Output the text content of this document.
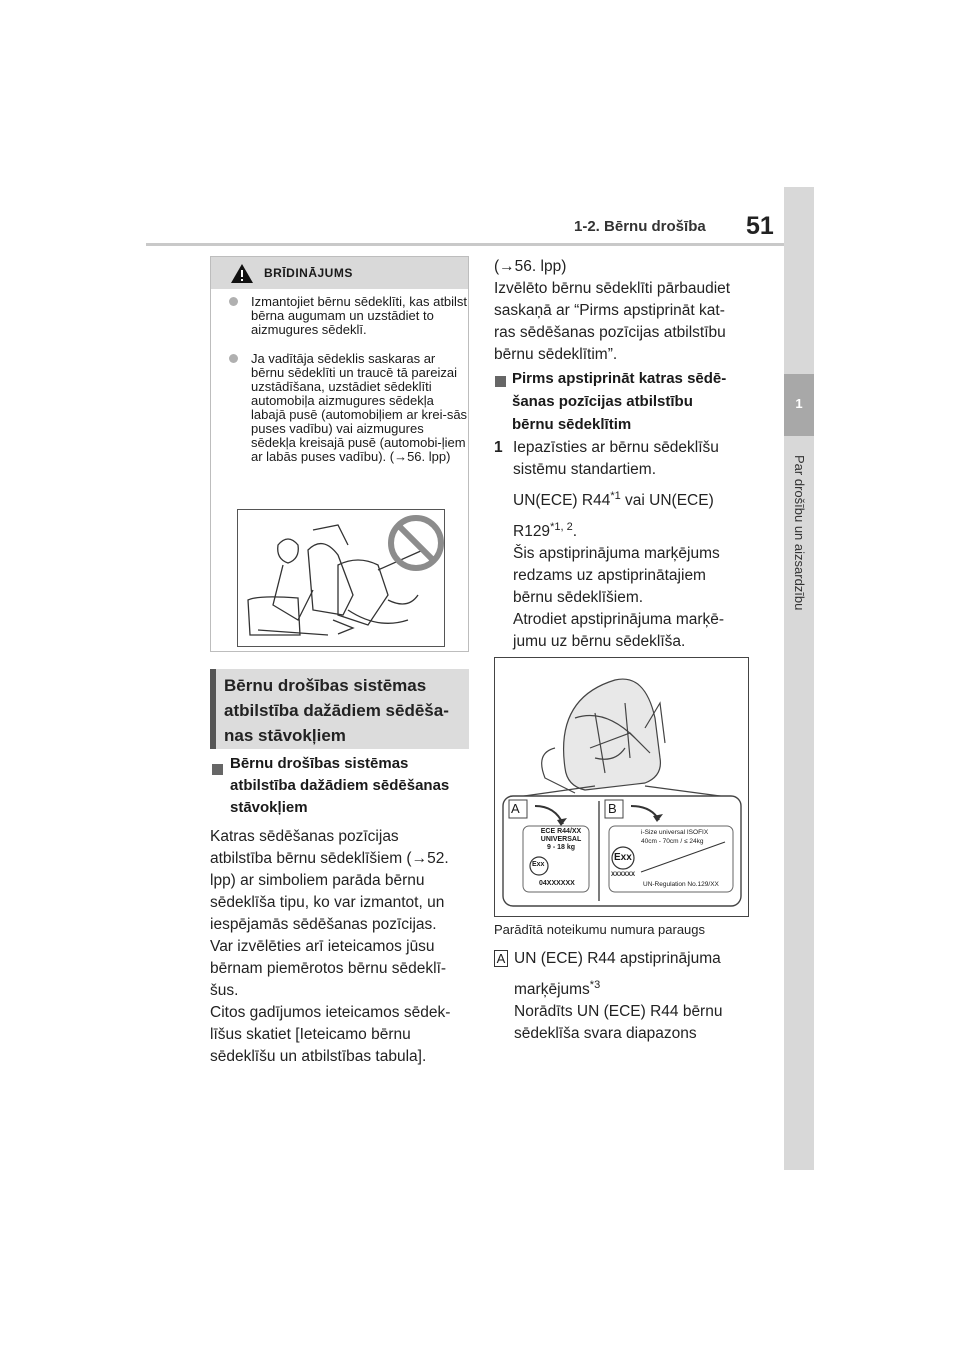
1-2. Bērnu drošība 51
1
Par drošību un aizsardzību
BRĪDINĀJUMS
Izmantojiet bērnu sēdeklīti, kas atbilst bērna augumam un uzstādiet to aizmugures sēdeklī.
Ja vadītāja sēdeklis saskaras ar bērnu sēdeklīti un traucē tā pareizai uzstādīšana, uzstādiet sēdeklīti automobiļa aizmugures sēdekļa labajā pusē (automobiļiem ar krei-sās puses vadību) vai aizmugures sēdekļa kreisajā pusē (automobi-ļiem ar labās puses vadību). (→56. lpp)
Bērnu drošības sistēmas atbilstība dažādiem sēdēša-nas stāvokļiem
Bērnu drošības sistēmas atbilstība dažādiem sēdēšanas stāvokļiem

Katras sēdēšanas pozīcijas

atbilstība bērnu sēdeklīšiem (→52.

lpp) ar simboliem parāda bērnu

sēdeklīša tipu, ko var izmantot, un

iespējamās sēdēšanas pozīcijas.

Var izvēlēties arī ieteicamos jūsu

bērnam piemērotos bērnu sēdeklī-

šus.

Citos gadījumos ieteicamos sēdek-

līšus skatiet [Ieteicamo bērnu

sēdeklīšu un atbilstības tabula].

(→56. lpp)

Izvēlēto bērnu sēdeklīti pārbaudiet

saskaņā ar “Pirms apstiprināt kat-

ras sēdēšanas pozīcijas atbilstību

bērnu sēdeklītim”.

Pirms apstiprināt katras sēdē-
šanas pozīcijas atbilstību
bērnu sēdeklītim
1 Iepazīsties ar bērnu sēdeklīšu

sistēmu standartiem.

UN(ECE) R44$^{*1}$ vai UN(ECE)

R129$^{*1, 2}$.

Šis apstiprinājuma marķējums

redzams uz apstiprinātajiem

bērnu sēdeklīšiem.

Atrodiet apstiprinājuma marķē-

jumu uz bērnu sēdeklīša.

A	B
ECE R44/XX
UNIVERSAL
9 - 18 kg
Exx
04XXXXXX
i-Size universal ISOFIX
40cm - 70cm / ≤ 24kg
Exx
XXXXXX
UN-Regulation No.129/XX
Parādītā noteikumu numura paraugs
A UN (ECE) R44 apstiprinājuma

marķējums$^{*3}$

Norādīts UN (ECE) R44 bērnu

sēdeklīša svara diapazons
